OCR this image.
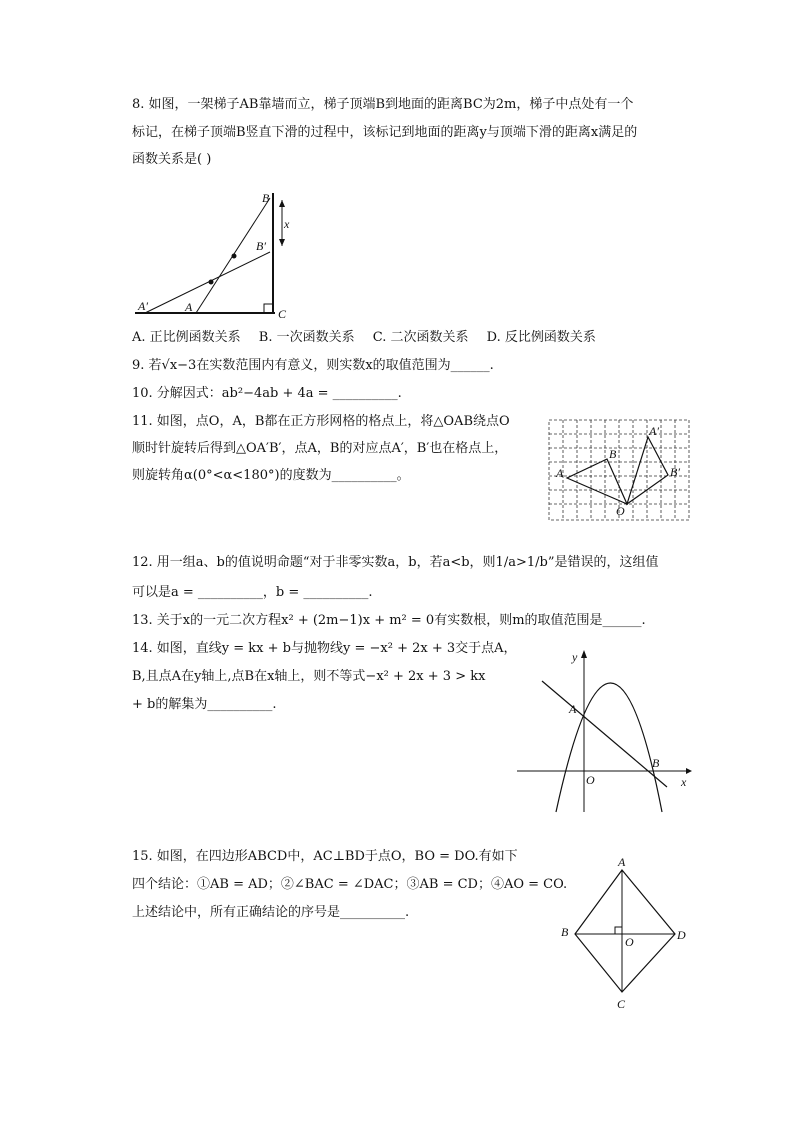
8. 如图，一架梯子AB靠墙而立，梯子顶端B到地面的距离BC为2m，梯子中点处有一个
标记，在梯子顶端B竖直下滑的过程中，该标记到地面的距离y与顶端下滑的距离x满足的
函数关系是( )
B
B′
x
A
A′
C
A. 正比例函数关系 B. 一次函数关系 C. 二次函数关系 D. 反比例函数关系
9. 若√x−3在实数范围内有意义，则实数x的取值范围为______.
10. 分解因式：ab²−4ab + 4a = __________.
11. 如图，点O，A，B都在正方形网格的格点上，将△OAB绕点O
顺时针旋转后得到△OA′B′，点A，B的对应点A′，B′也在格点上，
则旋转角α(0°<α<180°)的度数为__________。	A
B
O
A′
B′
12. 用一组a、b的值说明命题“对于非零实数a，b，若a<b，则1/a>1/b”是错误的，这组值
可以是a = __________，b = __________.
13. 关于x的一元二次方程x² + (2m−1)x + m² = 0有实数根，则m的取值范围是______.
14. 如图，直线y = kx + b与抛物线y = −x² + 2x + 3交于点A，
B,且点A在y轴上,点B在x轴上，则不等式−x² + 2x + 3 > kx
+ b的解集为__________.
y
x
A
B
O
15. 如图，在四边形ABCD中，AC⊥BD于点O，BO = DO.有如下
四个结论：①AB = AD；②∠BAC = ∠DAC；③AB = CD；④AO = CO.
上述结论中，所有正确结论的序号是__________.
A
B
C
D
O
